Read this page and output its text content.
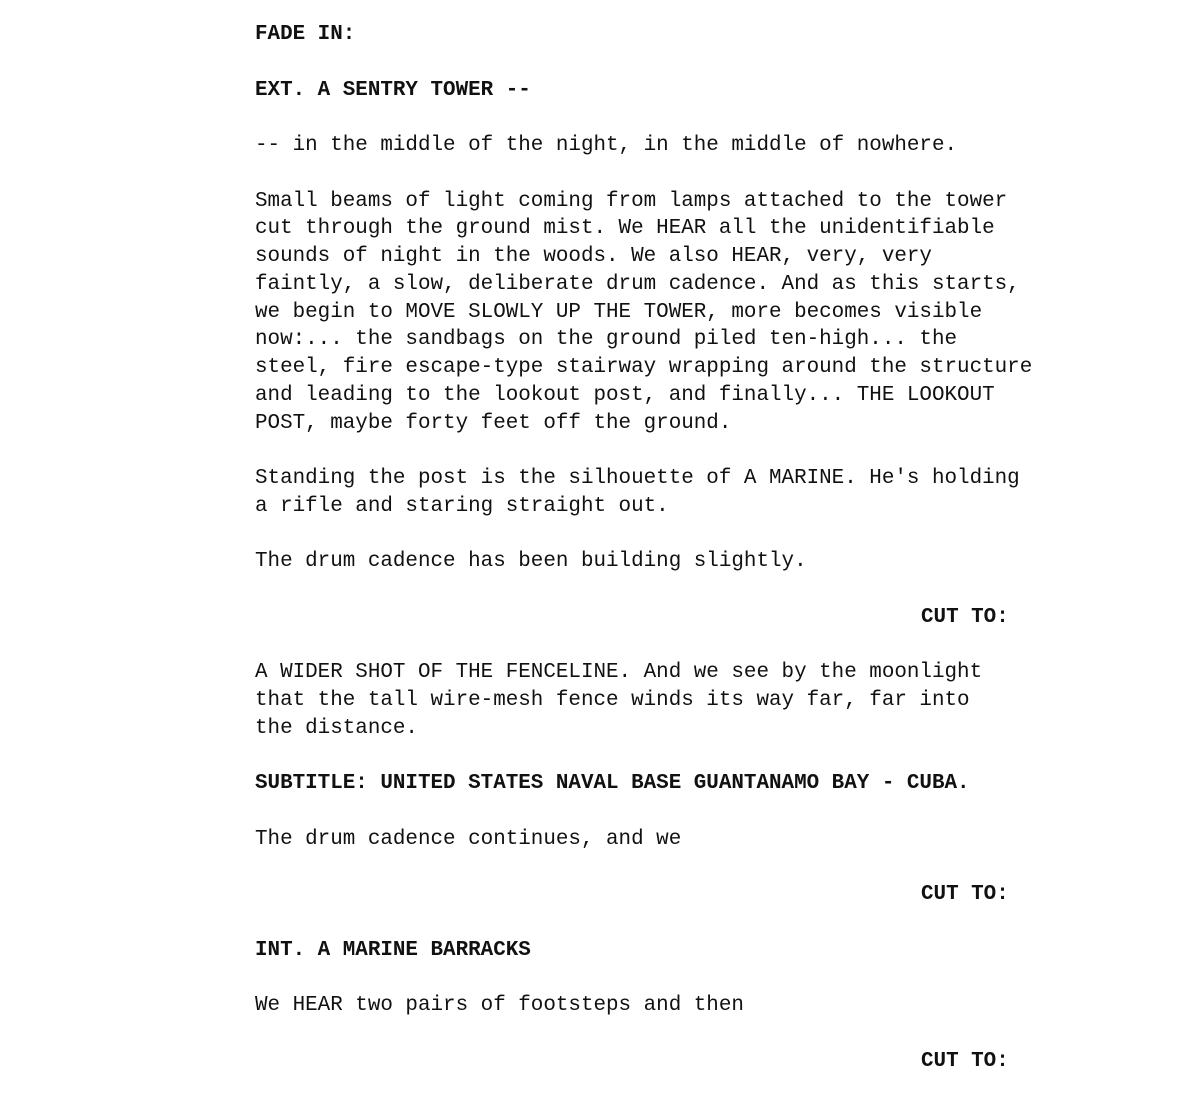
FADE IN:
EXT. A SENTRY TOWER --
-- in the middle of the night, in the middle of nowhere.
Small beams of light coming from lamps attached to the tower
cut through the ground mist. We HEAR all the unidentifiable
sounds of night in the woods. We also HEAR, very, very
faintly, a slow, deliberate drum cadence. And as this starts,
we begin to MOVE SLOWLY UP THE TOWER, more becomes visible
now:... the sandbags on the ground piled ten-high... the
steel, fire escape-type stairway wrapping around the structure
and leading to the lookout post, and finally... THE LOOKOUT
POST, maybe forty feet off the ground.
Standing the post is the silhouette of A MARINE. He's holding
a rifle and staring straight out.
The drum cadence has been building slightly.
CUT TO:
A WIDER SHOT OF THE FENCELINE. And we see by the moonlight
that the tall wire-mesh fence winds its way far, far into
the distance.
SUBTITLE: UNITED STATES NAVAL BASE GUANTANAMO BAY - CUBA.
The drum cadence continues, and we
CUT TO:
INT. A MARINE BARRACKS
We HEAR two pairs of footsteps and then
CUT TO:
